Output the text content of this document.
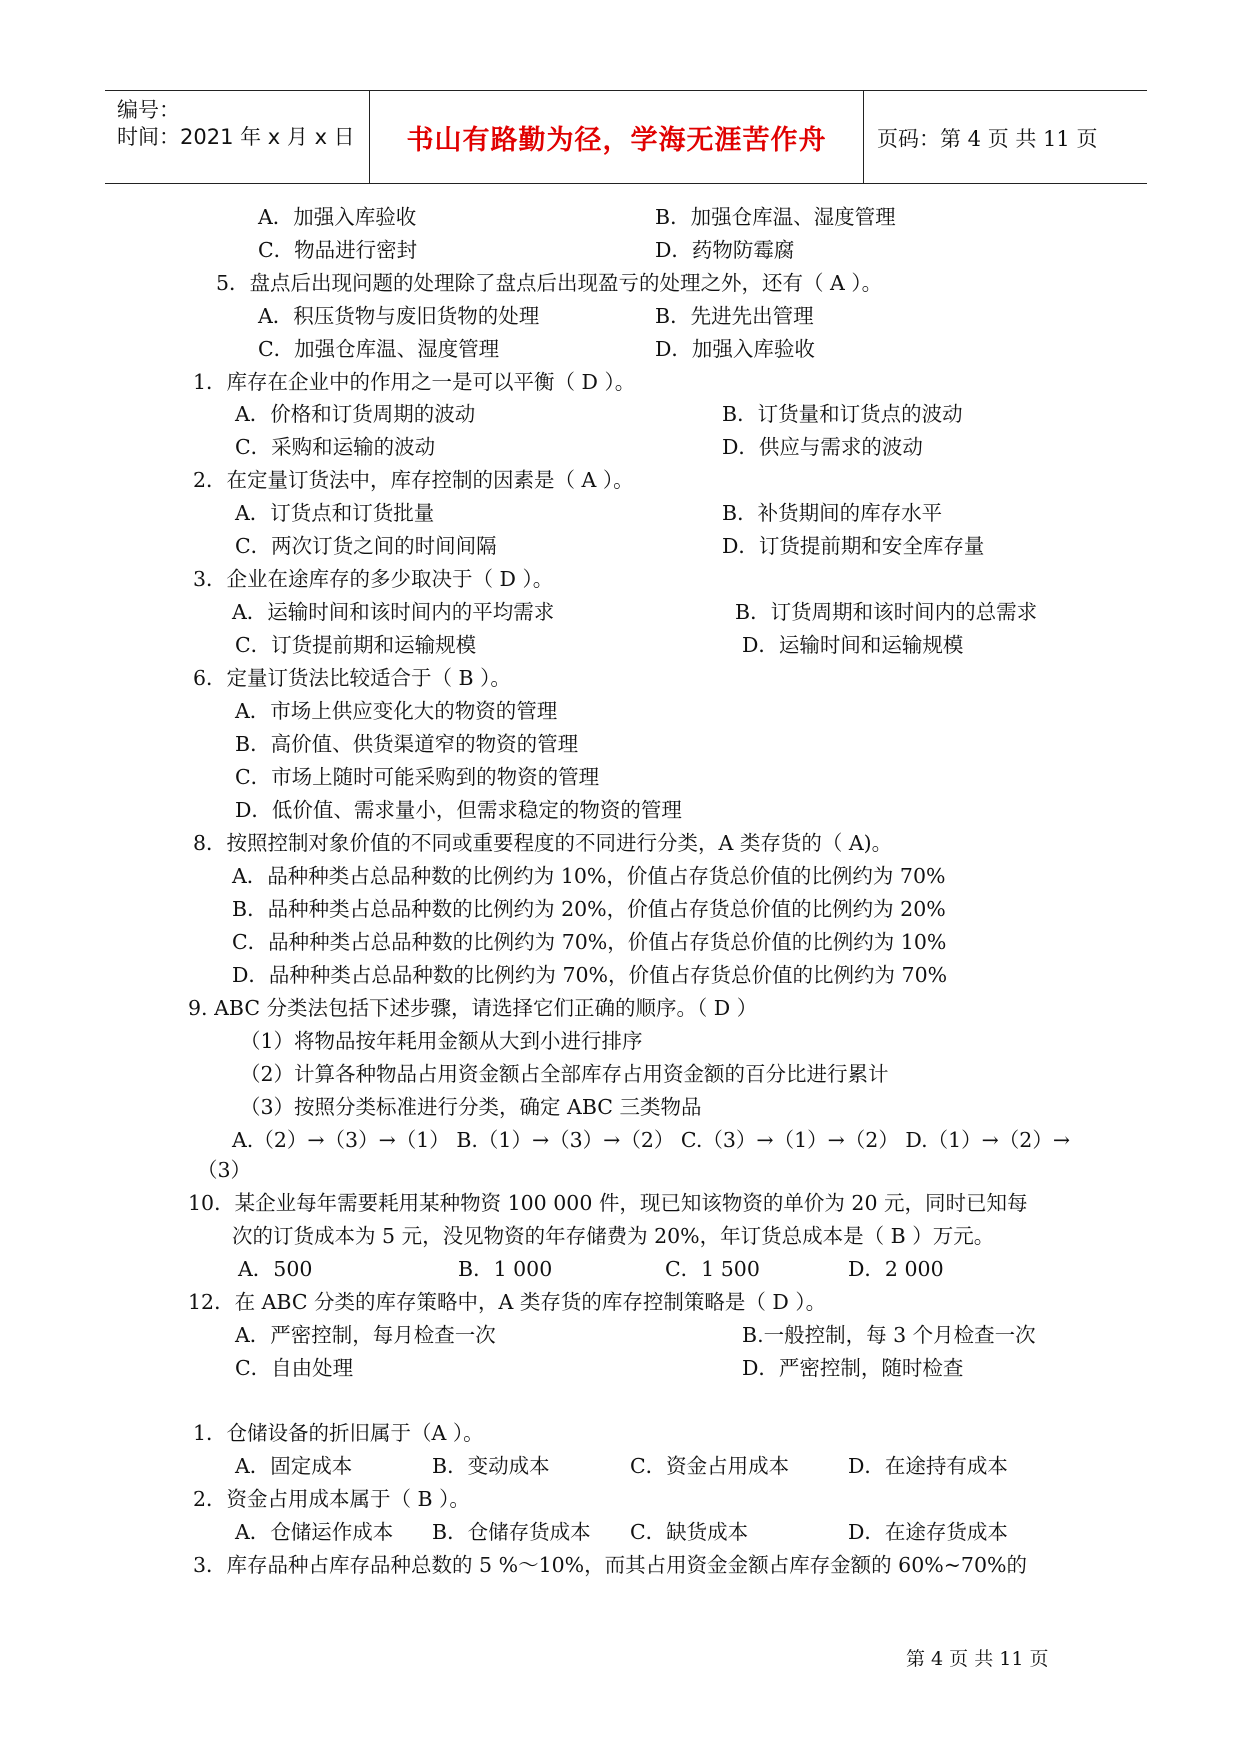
编号：
时间：2021 年 x 月 x 日	书山有路勤为径，学海无涯苦作舟	页码：第 4 页 共 11 页
A．加强入库验收	B．加强仓库温、湿度管理
C．物品进行密封	D．药物防霉腐
5．盘点后出现问题的处理除了盘点后出现盈亏的处理之外，还有（ A ）。
A．积压货物与废旧货物的处理	B．先进先出管理
C．加强仓库温、湿度管理	D．加强入库验收
1．库存在企业中的作用之一是可以平衡（ D ）。
A．价格和订货周期的波动	B．订货量和订货点的波动
C．采购和运输的波动	D．供应与需求的波动
2．在定量订货法中，库存控制的因素是（ A ）。
A．订货点和订货批量	B．补货期间的库存水平
C．两次订货之间的时间间隔	D．订货提前期和安全库存量
3．企业在途库存的多少取决于（ D ）。
A．运输时间和该时间内的平均需求	B．订货周期和该时间内的总需求
C．订货提前期和运输规模	D．运输时间和运输规模
6．定量订货法比较适合于（ B ）。
A．市场上供应变化大的物资的管理
B．高价值、供货渠道窄的物资的管理
C．市场上随时可能采购到的物资的管理
D．低价值、需求量小，但需求稳定的物资的管理
8．按照控制对象价值的不同或重要程度的不同进行分类，A 类存货的（ A)。
A．品种种类占总品种数的比例约为 10%，价值占存货总价值的比例约为 70%
B．品种种类占总品种数的比例约为 20%，价值占存货总价值的比例约为 20%
C．品种种类占总品种数的比例约为 70%，价值占存货总价值的比例约为 10%
D．品种种类占总品种数的比例约为 70%，价值占存货总价值的比例约为 70%
9. ABC 分类法包括下述步骤，请选择它们正确的顺序。（ D ）
（1）将物品按年耗用金额从大到小进行排序
（2）计算各种物品占用资金额占全部库存占用资金额的百分比进行累计
（3）按照分类标准进行分类，确定 ABC 三类物品
A.（2）→（3）→（1） B.（1）→（3）→（2） C.（3）→（1）→（2） D.（1）→（2）→
（3）
10．某企业每年需要耗用某种物资 100 000 件，现已知该物资的单价为 20 元，同时已知每
次的订货成本为 5 元，没见物资的年存储费为 20%，年订货总成本是（ B ）万元。
A．500	B．1 000	C．1 500	D．2 000
12．在 ABC 分类的库存策略中，A 类存货的库存控制策略是（ D ）。
A．严密控制，每月检查一次	B.一般控制，每 3 个月检查一次
C．自由处理	D．严密控制，随时检查
1．仓储设备的折旧属于（A ）。
A．固定成本	B．变动成本	C．资金占用成本	D．在途持有成本
2．资金占用成本属于（ B ）。
A．仓储运作成本 B．仓储存货成本 C．缺货成本	D．在途存货成本
3．库存品种占库存品种总数的 5 %～10%，而其占用资金金额占库存金额的 60%~70%的
第 4 页 共 11 页
